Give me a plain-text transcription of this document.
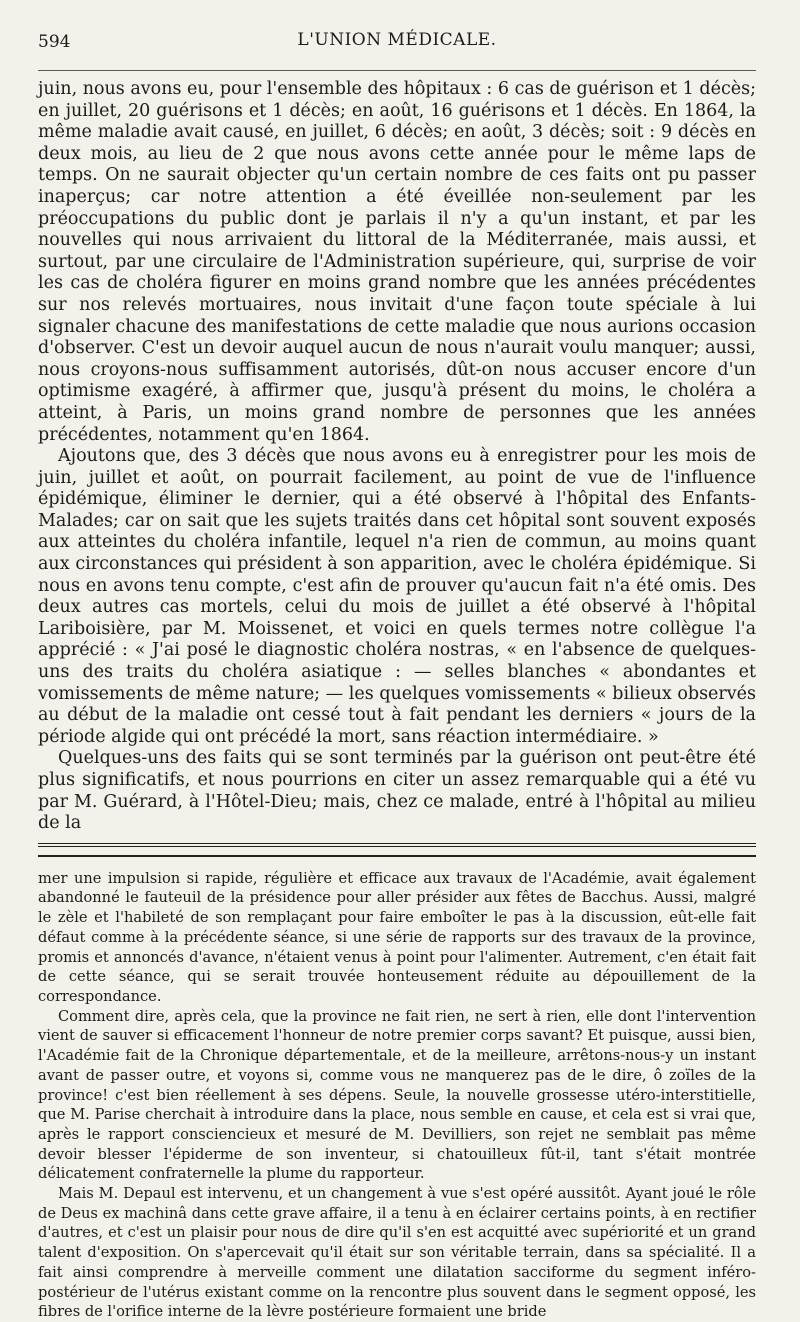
594	L'UNION MÉDICALE.

juin, nous avons eu, pour l'ensemble des hôpitaux : 6 cas de guérison et 1 décès; en juillet, 20 guérisons et 1 décès; en août, 16 guérisons et 1 décès. En 1864, la même maladie avait causé, en juillet, 6 décès; en août, 3 décès; soit : 9 décès en deux mois, au lieu de 2 que nous avons cette année pour le même laps de temps. On ne saurait objecter qu'un certain nombre de ces faits ont pu passer inaperçus; car notre attention a été éveillée non-seulement par les préoccupations du public dont je parlais il n'y a qu'un instant, et par les nouvelles qui nous arrivaient du littoral de la Méditerranée, mais aussi, et surtout, par une circulaire de l'Administration supérieure, qui, surprise de voir les cas de choléra figurer en moins grand nombre que les années précédentes sur nos relevés mortuaires, nous invitait d'une façon toute spéciale à lui signaler chacune des manifestations de cette maladie que nous aurions occasion d'observer. C'est un devoir auquel aucun de nous n'aurait voulu manquer; aussi, nous croyons-nous suffisamment autorisés, dût-on nous accuser encore d'un optimisme exagéré, à affirmer que, jusqu'à présent du moins, le choléra a atteint, à Paris, un moins grand nombre de personnes que les années précédentes, notamment qu'en 1864.

Ajoutons que, des 3 décès que nous avons eu à enregistrer pour les mois de juin, juillet et août, on pourrait facilement, au point de vue de l'influence épidémique, éliminer le dernier, qui a été observé à l'hôpital des Enfants-Malades; car on sait que les sujets traités dans cet hôpital sont souvent exposés aux atteintes du choléra infantile, lequel n'a rien de commun, au moins quant aux circonstances qui président à son apparition, avec le choléra épidémique. Si nous en avons tenu compte, c'est afin de prouver qu'aucun fait n'a été omis. Des deux autres cas mortels, celui du mois de juillet a été observé à l'hôpital Lariboisière, par M. Moissenet, et voici en quels termes notre collègue l'a apprécié : « J'ai posé le diagnostic choléra nostras, « en l'absence de quelques-uns des traits du choléra asiatique : — selles blanches « abondantes et vomissements de même nature; — les quelques vomissements « bilieux observés au début de la maladie ont cessé tout à fait pendant les derniers « jours de la période algide qui ont précédé la mort, sans réaction intermédiaire. »

Quelques-uns des faits qui se sont terminés par la guérison ont peut-être été plus significatifs, et nous pourrions en citer un assez remarquable qui a été vu par M. Guérard, à l'Hôtel-Dieu; mais, chez ce malade, entré à l'hôpital au milieu de la

mer une impulsion si rapide, régulière et efficace aux travaux de l'Académie, avait également abandonné le fauteuil de la présidence pour aller présider aux fêtes de Bacchus. Aussi, malgré le zèle et l'habileté de son remplaçant pour faire emboîter le pas à la discussion, eût-elle fait défaut comme à la précédente séance, si une série de rapports sur des travaux de la province, promis et annoncés d'avance, n'étaient venus à point pour l'alimenter. Autrement, c'en était fait de cette séance, qui se serait trouvée honteusement réduite au dépouillement de la correspondance.

Comment dire, après cela, que la province ne fait rien, ne sert à rien, elle dont l'intervention vient de sauver si efficacement l'honneur de notre premier corps savant? Et puisque, aussi bien, l'Académie fait de la Chronique départementale, et de la meilleure, arrêtons-nous-y un instant avant de passer outre, et voyons si, comme vous ne manquerez pas de le dire, ô zoïles de la province! c'est bien réellement à ses dépens. Seule, la nouvelle grossesse utéro-interstitielle, que M. Parise cherchait à introduire dans la place, nous semble en cause, et cela est si vrai que, après le rapport consciencieux et mesuré de M. Devilliers, son rejet ne semblait pas même devoir blesser l'épiderme de son inventeur, si chatouilleux fût-il, tant s'était montrée délicatement confraternelle la plume du rapporteur.

Mais M. Depaul est intervenu, et un changement à vue s'est opéré aussitôt. Ayant joué le rôle de Deus ex machinâ dans cette grave affaire, il a tenu à en éclairer certains points, à en rectifier d'autres, et c'est un plaisir pour nous de dire qu'il s'en est acquitté avec supériorité et un grand talent d'exposition. On s'apercevait qu'il était sur son véritable terrain, dans sa spécialité. Il a fait ainsi comprendre à merveille comment une dilatation sacciforme du segment inféro-postérieur de l'utérus existant comme on la rencontre plus souvent dans le segment opposé, les fibres de l'orifice interne de la lèvre postérieure formaient une bride
